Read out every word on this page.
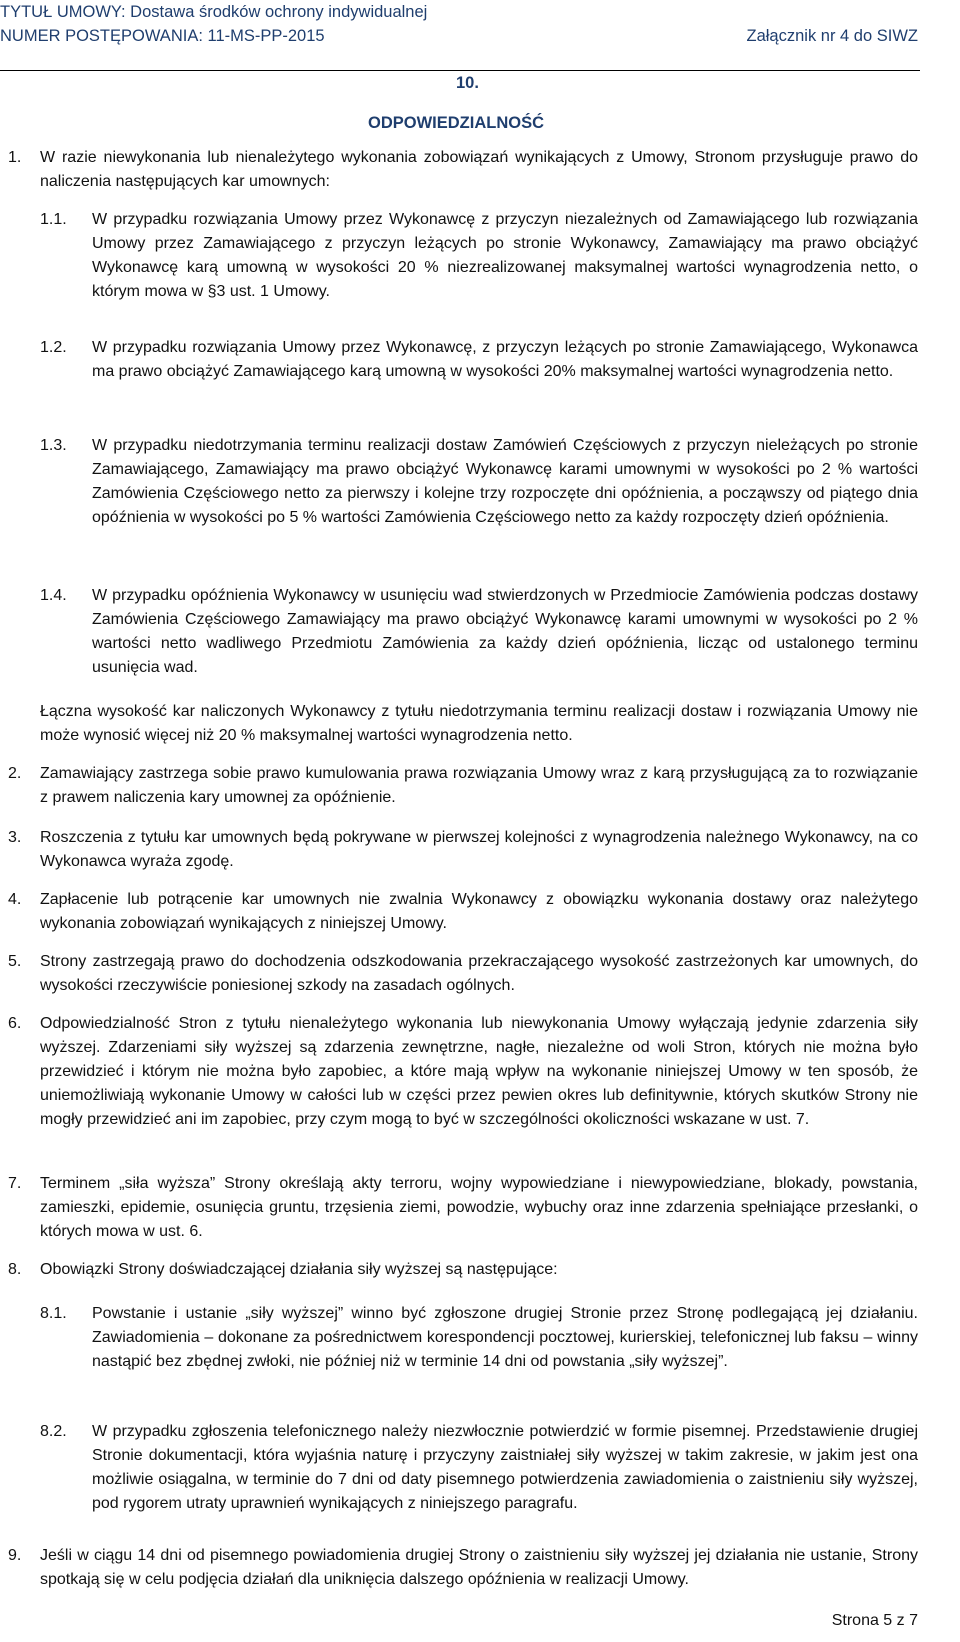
TYTUŁ UMOWY: Dostawa środków ochrony indywidualnej
NUMER POSTĘPOWANIA: 11-MS-PP-2015	Załącznik nr 4 do SIWZ
10.
ODPOWIEDZIALNOŚĆ
1. W razie niewykonania lub nienależytego wykonania zobowiązań wynikających z Umowy, Stronom przysługuje prawo do naliczenia następujących kar umownych:
1.1. W przypadku rozwiązania Umowy przez Wykonawcę z przyczyn niezależnych od Zamawiającego lub rozwiązania Umowy przez Zamawiającego z przyczyn leżących po stronie Wykonawcy, Zamawiający ma prawo obciążyć Wykonawcę karą umowną w wysokości 20 % niezrealizowanej maksymalnej wartości wynagrodzenia netto, o którym mowa w §3 ust. 1 Umowy.
1.2. W przypadku rozwiązania Umowy przez Wykonawcę, z przyczyn leżących po stronie Zamawiającego, Wykonawca ma prawo obciążyć Zamawiającego karą umowną w wysokości 20% maksymalnej wartości wynagrodzenia netto.
1.3. W przypadku niedotrzymania terminu realizacji dostaw Zamówień Częściowych z przyczyn nieleżących po stronie Zamawiającego, Zamawiający ma prawo obciążyć Wykonawcę karami umownymi w wysokości po 2 % wartości Zamówienia Częściowego netto za pierwszy i kolejne trzy rozpoczęte dni opóźnienia, a począwszy od piątego dnia opóźnienia w wysokości po 5 % wartości Zamówienia Częściowego netto za każdy rozpoczęty dzień opóźnienia.
1.4. W przypadku opóźnienia Wykonawcy w usunięciu wad stwierdzonych w Przedmiocie Zamówienia podczas dostawy Zamówienia Częściowego Zamawiający ma prawo obciążyć Wykonawcę karami umownymi w wysokości po 2 % wartości netto wadliwego Przedmiotu Zamówienia za każdy dzień opóźnienia, licząc od ustalonego terminu usunięcia wad.
Łączna wysokość kar naliczonych Wykonawcy z tytułu niedotrzymania terminu realizacji dostaw i rozwiązania Umowy nie może wynosić więcej niż 20 % maksymalnej wartości wynagrodzenia netto.
2. Zamawiający zastrzega sobie prawo kumulowania prawa rozwiązania Umowy wraz z karą przysługującą za to rozwiązanie z prawem naliczenia kary umownej za opóźnienie.
3. Roszczenia z tytułu kar umownych będą pokrywane w pierwszej kolejności z wynagrodzenia należnego Wykonawcy, na co Wykonawca wyraża zgodę.
4. Zapłacenie lub potrącenie kar umownych nie zwalnia Wykonawcy z obowiązku wykonania dostawy oraz należytego wykonania zobowiązań wynikających z niniejszej Umowy.
5. Strony zastrzegają prawo do dochodzenia odszkodowania przekraczającego wysokość zastrzeżonych kar umownych, do wysokości rzeczywiście poniesionej szkody na zasadach ogólnych.
6. Odpowiedzialność Stron z tytułu nienależytego wykonania lub niewykonania Umowy wyłączają jedynie zdarzenia siły wyższej. Zdarzeniami siły wyższej są zdarzenia zewnętrzne, nagłe, niezależne od woli Stron, których nie można było przewidzieć i którym nie można było zapobiec, a które mają wpływ na wykonanie niniejszej Umowy w ten sposób, że uniemożliwiają wykonanie Umowy w całości lub w części przez pewien okres lub definitywnie, których skutków Strony nie mogły przewidzieć ani im zapobiec, przy czym mogą to być w szczególności okoliczności wskazane w ust. 7.
7. Terminem „siła wyższa” Strony określają akty terroru, wojny wypowiedziane i niewypowiedziane, blokady, powstania, zamieszki, epidemie, osunięcia gruntu, trzęsienia ziemi, powodzie, wybuchy oraz inne zdarzenia spełniające przesłanki, o których mowa w ust. 6.
8. Obowiązki Strony doświadczającej działania siły wyższej są następujące:
8.1. Powstanie i ustanie „siły wyższej” winno być zgłoszone drugiej Stronie przez Stronę podlegającą jej działaniu. Zawiadomienia – dokonane za pośrednictwem korespondencji pocztowej, kurierskiej, telefonicznej lub faksu – winny nastąpić bez zbędnej zwłoki, nie później niż w terminie 14 dni od powstania „siły wyższej”.
8.2. W przypadku zgłoszenia telefonicznego należy niezwłocznie potwierdzić w formie pisemnej. Przedstawienie drugiej Stronie dokumentacji, która wyjaśnia naturę i przyczyny zaistniałej siły wyższej w takim zakresie, w jakim jest ona możliwie osiągalna, w terminie do 7 dni od daty pisemnego potwierdzenia zawiadomienia o zaistnieniu siły wyższej, pod rygorem utraty uprawnień wynikających z niniejszego paragrafu.
9. Jeśli w ciągu 14 dni od pisemnego powiadomienia drugiej Strony o zaistnieniu siły wyższej jej działania nie ustanie, Strony spotkają się w celu podjęcia działań dla uniknięcia dalszego opóźnienia w realizacji Umowy.
Strona 5 z 7
